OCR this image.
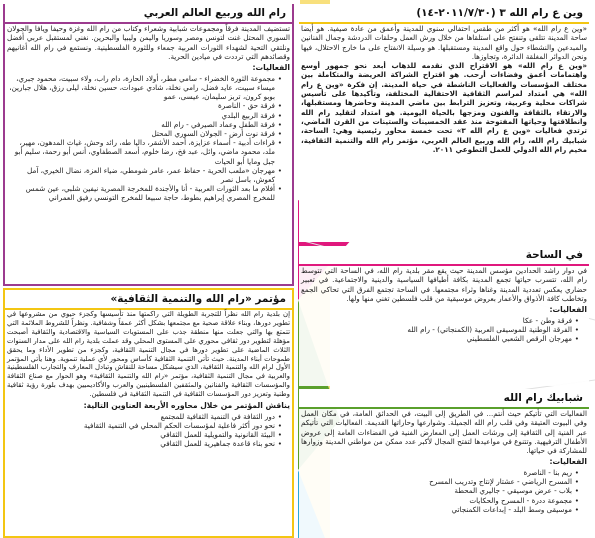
وين ع رام الله ٣ (٢٠١١/٧/٣٠-١٤)

«وين ع رام الله» هو أكثر من طقس احتفالي سنوي للمدينة وأعمق من عادة صيفية. هو أيضا ساحة المدينة تتلقى وتنفتح على استلقاها من خلال ورش العمل وحلقات الدردشة وجمال الفنانين والمبدعين والنشطاء حول واقع المدينة ومستقبلها. هو وسيلة الانفتاح على ما خارج الاحتلال، فيها ونحن الدوائر المغلقة الدائرة، وتجاوزها.

«وين ع رام الله» هو الاقتراح الذي نقدمه للذهاب أبعد نحو جمهور أوسع واهتمامات أعمق وفضاءات أرحب. هو اقتراح الشراكة العريضة والمتكاملة بين مختلف المؤسسات والفعاليات الناشطة في حياة المدينة. إن فكرة «وين ع رام الله» هي امتداد لمراسم الثقافية الاحتفالية المختلفة، وتأكيدها على تأسيس شراكات محلية وعربية، وتعزيز الترابط بين ماضي المدينة وحاضرها ومستقبلها، والارتقاء بالثقافة والفنون ومزجها بالحياة اليومية. هو امتداد لتقليد رام الله وانطلاقتها وحياتها المفتوحة منذ عقد الخمسينات والستينات من القرن الماضي، ترتدي فعاليات «وين ع رام الله ٣» تحت خمسة محاور رئيسية وهي: الساحة، شبابيك رام الله، رام الله وربيع العالم العربي، مؤتمر رام الله والتنمية الثقافية، مخيم رام الله الدولي للعمل التطوعي ٢٠١١.

في الساحة

في دوار راشد الحدادين مؤسس المدينة حيث يقع مقر بلدية رام الله، في الساحة التي تتوسط رام الله، تتسرب حياتها تجمع المدينة بكافة أطيافها السياسية والدينية والاجتماعية. في تعبير حضاري يعكس تعددية المدينة وغناها وثراء مجتمعها. في الساحة تجتمع الفرق التي تحاكي الجمع وتخاطب كافة الأذواق والأعمار بعروض موسيقية من قلب فلسطين تغني منها ولها.

الفعاليات:
• فرقة وطن - عكا
• الفرقة الوطنية للموسيقى العربية (الكمنجاتي) - رام الله
• مهرجان الرقص الشعبي الفلسطيني
شبابيك رام الله

الفعاليات التي تأتيكم حيث أنتم... في الطريق إلى البيت، في الحدائق العامة، في مكان العمل وفي البيوت العتيقة وفي قلب رام الله الجميلة. وشوارعها وحاراتها القديمة. الفعاليات التي تأتيكم عبر الفنية إلى الثقافية إلى ورشات العمل إلى المعارض الفنية في الفضاءات العامة إلى عروض الأطفال الترفيهية. وتتنوع في مواعيدها لتفتح المجال لأكبر عدد ممكن من مواطني المدينة وزوارها للمشاركة في حياتها.

الفعاليات:
• ريم بنا - الناصرة
• المسرح الرياضي - عشتار لإنتاج وتدريب المسرح
• بلاب - عرض موسيقي - جاليري المحطة
• مجموعة ددرة - المسرح والحكايات
• موسيقى وسط البلد - إبداعات الكمنجاتي
رام الله وربيع العالم العربي

تستضيف المدينة فرقاً ومجموعات شبابية وشعراء وكتاب من رام الله وغزة وحيفا ويافا والجولان السوري المحتل غنت لتونس ومصر وسوريا واليمن وليبيا والبحرين. نغني لمستقبل عربي أفضل ونلتقي التحية لشهداء الثورات العربية جمعاء وللثورة الفلسطينية. ونستمع في رام الله أغانيهم وقصائدهم التي ترددت في ميادين الحرية.

الفعاليات:
• مجموعة الثورة الخضراء - سامي مطر، أولاد الحارة، دام راب، ولاء سبيت، محمود جبري، ميساء سبيت، عايد فضل، رامي نخلة، شادي عبودات، حسين نخلة، ليلى رزق، هلال جبارين، بوبو كرون، تربز سليمان، عيسى، عمو
• فرقة حق - الناصرة
• فرقة الربيع البلدي
• فرقة الطفل وعماد الصيرفي - رام الله
• فرقة نوت أرض - الجولان السوري المحتل
• قراءات أدبية - أسماء عزايزة، أحمد الأشقر، داليا طه، رائد وحش، غياث المدهون، مهير، ملد، محمود ماضي، وائل، عبد فخ، رضا خلوم، أسعد الصطفاوي، أنس أبو رحمة، سليم أبو جبل ومايا أبو الحيات
• مهرجان «ملعب الحرية - حفاظ عمر، عامر شومطي، ضياء العزة، نضال الخيري، آمل كعوش، باسل نصر
• أفلام ما بعد الثورات العربية - أنا والأجندة للمخرجة المصرية نيفين شلبي، عين شمس للمخرج المصري إبراهيم بطوط، حاجة سبيعا للمخرج التونسي رفيق العمراني
مؤتمر «رام الله والتنمية الثقافية»

إن بلدية رام الله نظراً للتجربة الطويلة التي راكمتها منذ تأسيسها وكجزء حيوي من مشروعها في تطوير دورها، وبناء علاقة صحية مع مجتمعها بشكل أكثر عمقاً وشفافية. ونظراً للشروط الملائمة التي تتمتع بها والتي جعلت منها منطقة جذب على المستويات السياسية والاقتصادية والثقافية أصبحت مؤهلة لتطوير دور ثقافي محوري على المستوى المحلي وقد عملت بلدية رام الله على مدار السنوات الثلاث الماضية على تطوير دورها في مجال التنمية الثقافية، وكجزء من تطوير الأداء وما يحقق طموحات أبناء المدينة. حيث تأتي التنمية الثقافية كأساس ومحور لأي عملية تنموية. وهنا يأتي المؤتمر الأول لرام الله والتنمية الثقافية، الذي سيشكل مساحة للنقاش وتبادل المعارف والتجارب الفلسطينية والعربية في مجال التنمية الثقافية، مؤتمر «رام الله والتنمية الثقافية» وهو الحوار مع صناع الثقافة والمؤسسات الثقافية والفنانين والمثقفين الفلسطينيين والعرب والأكاديميين بهدف بلورة رؤية ثقافية وطنية وتعزيز دور المؤسسات الثقافية في التنمية الثقافية في فلسطين.

يناقش المؤتمر من خلال محاوره الأربعة العناوين التالية:
• دور الثقافة في التنمية الثقافية للمجتمع
• نحو دور أكثر فاعلية لمؤسسات الحكم المحلي في التنمية الثقافية
• البيئة القانونية والتمويلية للعمل الثقافي
• نحو بناء قاعدة جماهيرية للعمل الثقافي
